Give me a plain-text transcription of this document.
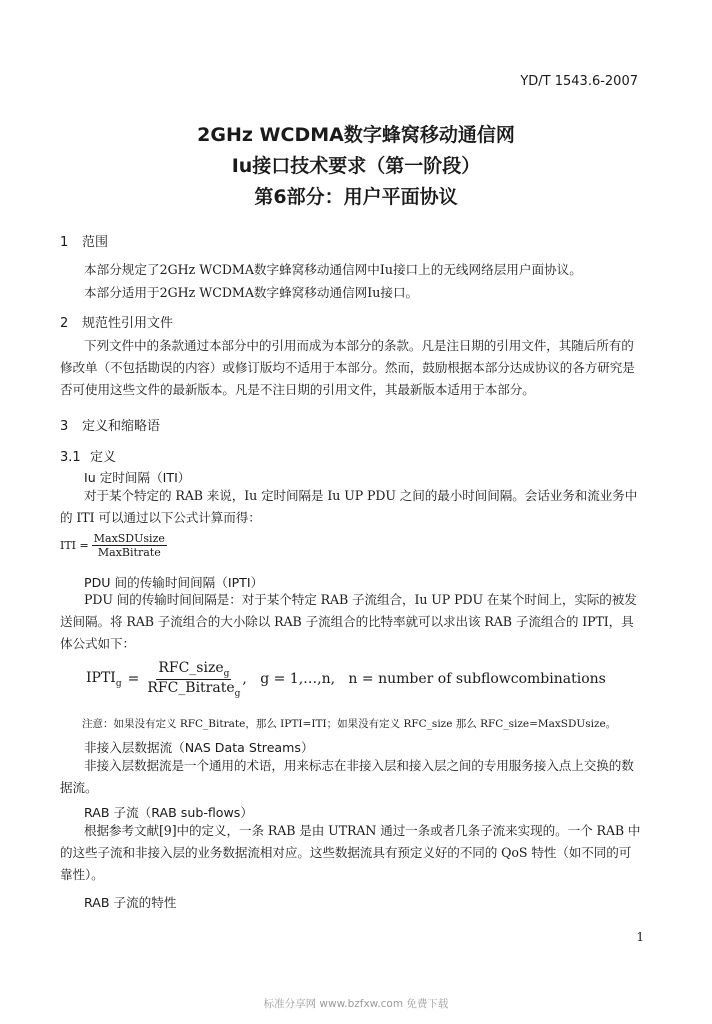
YD/T 1543.6-2007
2GHz WCDMA数字蜂窝移动通信网
Iu接口技术要求（第一阶段）
第6部分：用户平面协议
1 范围
本部分规定了2GHz WCDMA数字蜂窝移动通信网中Iu接口上的无线网络层用户面协议。
本部分适用于2GHz WCDMA数字蜂窝移动通信网Iu接口。
2 规范性引用文件
下列文件中的条款通过本部分中的引用而成为本部分的条款。凡是注日期的引用文件，其随后所有的修改单（不包括勘误的内容）或修订版均不适用于本部分。然而，鼓励根据本部分达成协议的各方研究是否可使用这些文件的最新版本。凡是不注日期的引用文件，其最新版本适用于本部分。
3 定义和缩略语
3.1 定义
Iu 定时间隔（ITI）
对于某个特定的 RAB 来说，Iu 定时间隔是 Iu UP PDU 之间的最小时间间隔。会话业务和流业务中的 ITI 可以通过以下公式计算而得：
ITI = $\frac{\text{MaxSDUsize}}{\text{MaxBitrate}}$
PDU 间的传输时间间隔（IPTI）
PDU 间的传输时间间隔是：对于某个特定 RAB 子流组合，Iu UP PDU 在某个时间上，实际的被发送间隔。将 RAB 子流组合的大小除以 RAB 子流组合的比特率就可以求出该 RAB 子流组合的 IPTI，具体公式如下：
$IPTI_g = \frac{RFC\_size_g}{RFC\_Bitrate_g}$ ,   g = 1,…,n,   n = number of subflowcombinations
注意：如果没有定义 RFC_Bitrate，那么 IPTI=ITI；如果没有定义 RFC_size 那么 RFC_size=MaxSDUsize。
非接入层数据流（NAS Data Streams）
非接入层数据流是一个通用的术语，用来标志在非接入层和接入层之间的专用服务接入点上交换的数据流。
RAB 子流（RAB sub-flows）
根据参考文献[9]中的定义，一条 RAB 是由 UTRAN 通过一条或者几条子流来实现的。一个 RAB 中的这些子流和非接入层的业务数据流相对应。这些数据流具有预定义好的不同的 QoS 特性（如不同的可靠性）。
RAB 子流的特性
1
标准分享网 www.bzfxw.com 免费下载
